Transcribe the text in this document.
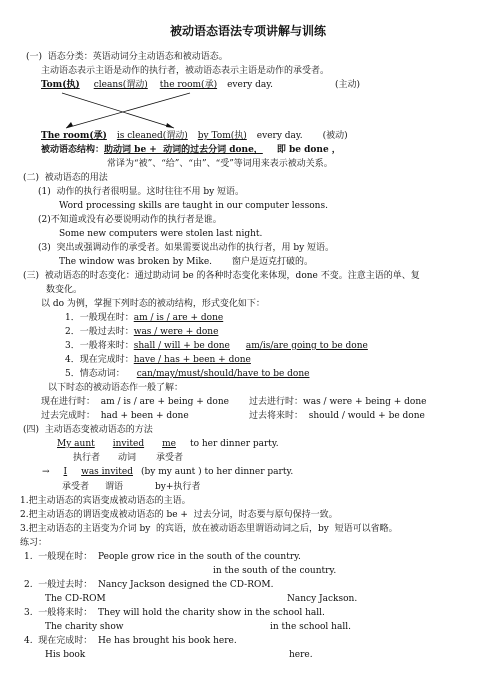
被动语态语法专项讲解与训练
(一)  语态分类：英语动词分主动语态和被动语态。
主动语态表示主语是动作的执行者，被动语态表示主语是动作的承受者。
Tom(执) cleans(谓动) the room(承) every day.	(主动)
The room(承) is cleaned(谓动) by Tom(执) every day. (被动)
被动语态结构：助动词 be +  动词的过去分词 done， 即 be done ，
常译为“被”、“给”、“由”、“受”等词用来表示被动关系。
(二)  被动语态的用法
(1)  动作的执行者很明显。这时往往不用 by 短语。
Word processing skills are taught in our computer lessons.
(2)不知道或没有必要说明动作的执行者是谁。
Some new computers were stolen last night.
(3)  突出或强调动作的承受者。如果需要说出动作的执行者，用 by 短语。
The window was broken by Mike.       窗户是迈克打破的。
(三)  被动语态的时态变化：通过助动词 be 的各种时态变化来体现，done 不变。注意主语的单、复
数变化。
以 do 为例，掌握下列时态的被动结构，形式变化如下：
1．一般现在时：am / is / are + done
2．一般过去时：was / were + done
3．一般将来时：shall / will + be done am/is/are going to be done
4．现在完成时：have / has + been + done
5．情态动词： can/may/must/should/have to be done
以下时态的被动语态作一般了解：
现在进行时：  am / is / are + being + done 过去进行时：was / were + being + done
过去完成时：  had + been + done	过去将来时：  should / would + be done
(四)  主动语态变被动语态的方法
My aunt invited me to her dinner party.
执行者 动词 承受者
→ I was invited (by my aunt ) to her dinner party.
承受者 谓语	by+执行者
1.把主动语态的宾语变成被动语态的主语。
2.把主动语态的谓语变成被动语态的 be +  过去分词，时态要与原句保持一致。
3.把主动语态的主语变为介词 by  的宾语，放在被动语态里谓语动词之后，by  短语可以省略。
练习：
1.  一般现在时：  People grow rice in the south of the country.
in the south of the country.
2.  一般过去时：  Nancy Jackson designed the CD-ROM.
The CD-ROM	Nancy Jackson.
3.  一般将来时：  They will hold the charity show in the school hall.
The charity show	in the school hall.
4.  现在完成时：  He has brought his book here.
His book	here.
